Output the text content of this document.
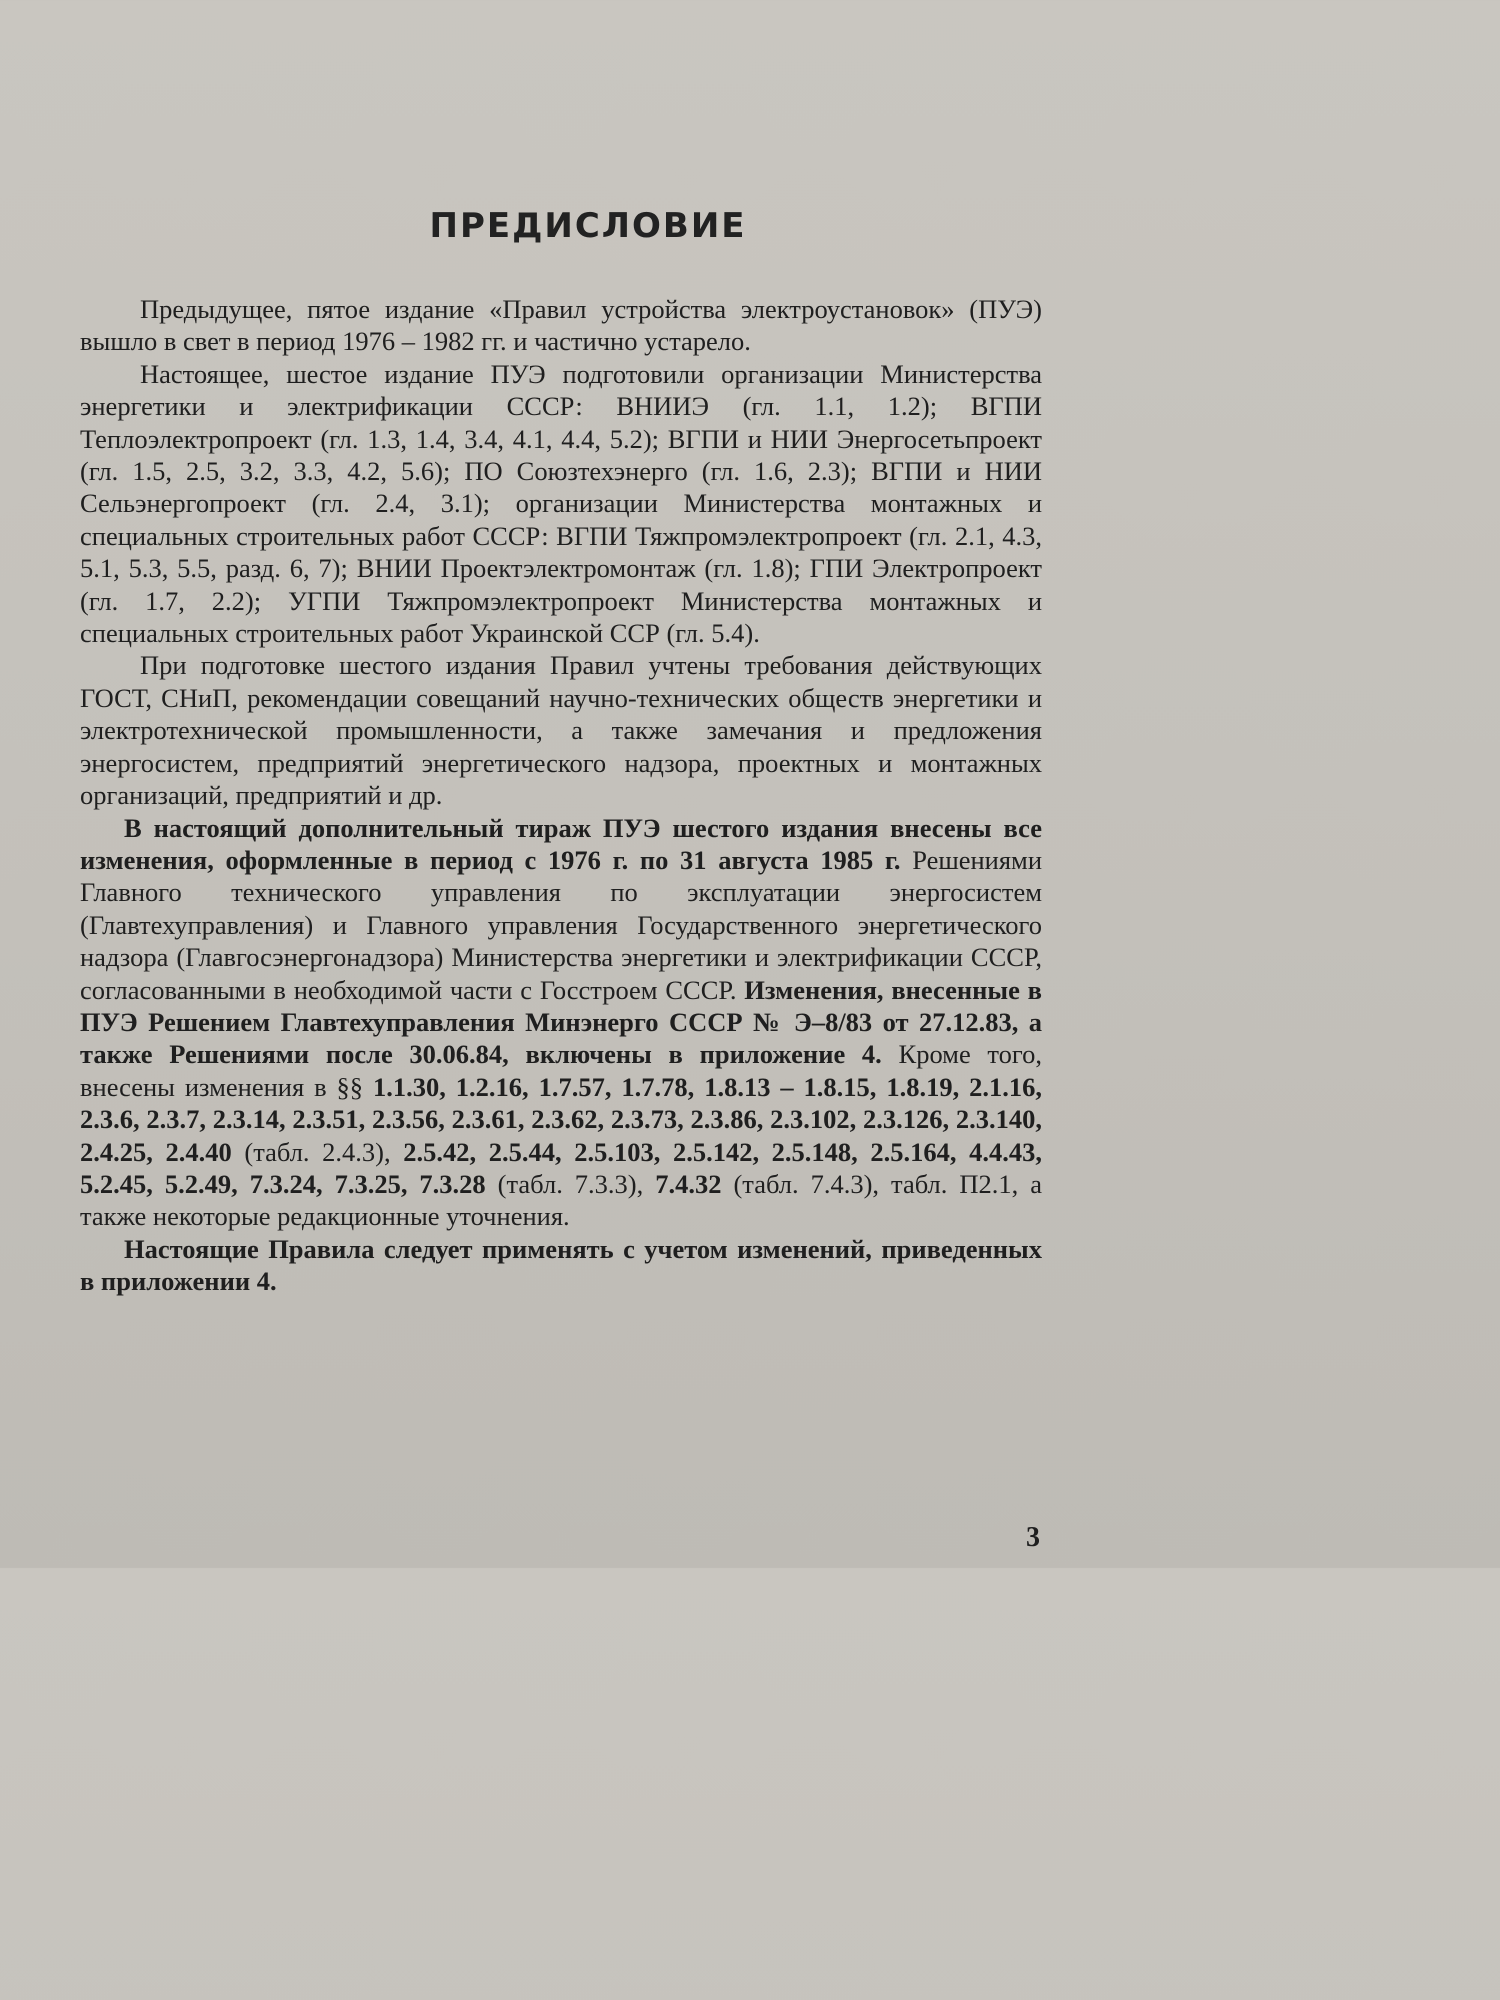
ПРЕДИСЛОВИЕ

Предыдущее, пятое издание «Правил устройства электроустановок» (ПУЭ) вышло в свет в период 1976 – 1982 гг. и частично устарело.

Настоящее, шестое издание ПУЭ подготовили организации Министерства энергетики и электрификации СССР: ВНИИЭ (гл. 1.1, 1.2); ВГПИ Теплоэлектропроект (гл. 1.3, 1.4, 3.4, 4.1, 4.4, 5.2); ВГПИ и НИИ Энергосетьпроект (гл. 1.5, 2.5, 3.2, 3.3, 4.2, 5.6); ПО Союзтехэнерго (гл. 1.6, 2.3); ВГПИ и НИИ Сельэнергопроект (гл. 2.4, 3.1); организации Министерства монтажных и специальных строительных работ СССР: ВГПИ Тяжпромэлектропроект (гл. 2.1, 4.3, 5.1, 5.3, 5.5, разд. 6, 7); ВНИИ Проектэлектромонтаж (гл. 1.8); ГПИ Электропроект (гл. 1.7, 2.2); УГПИ Тяжпромэлектропроект Министерства монтажных и специальных строительных работ Украинской ССР (гл. 5.4).

При подготовке шестого издания Правил учтены требования действующих ГОСТ, СНиП, рекомендации совещаний научно-технических обществ энергетики и электротехнической промышленности, а также замечания и предложения энергосистем, предприятий энергетического надзора, проектных и монтажных организаций, предприятий и др.

В настоящий дополнительный тираж ПУЭ шестого издания внесены все изменения, оформленные в период с 1976 г. по 31 августа 1985 г. Решениями Главного технического управления по эксплуатации энергосистем (Главтехуправления) и Главного управления Государственного энергетического надзора (Главгосэнергонадзора) Министерства энергетики и электрификации СССР, согласованными в необходимой части с Госстроем СССР. Изменения, внесенные в ПУЭ Решением Главтехуправления Минэнерго СССР № Э–8/83 от 27.12.83, а также Решениями после 30.06.84, включены в приложение 4. Кроме того, внесены изменения в §§ 1.1.30, 1.2.16, 1.7.57, 1.7.78, 1.8.13 – 1.8.15, 1.8.19, 2.1.16, 2.3.6, 2.3.7, 2.3.14, 2.3.51, 2.3.56, 2.3.61, 2.3.62, 2.3.73, 2.3.86, 2.3.102, 2.3.126, 2.3.140, 2.4.25, 2.4.40 (табл. 2.4.3), 2.5.42, 2.5.44, 2.5.103, 2.5.142, 2.5.148, 2.5.164, 4.4.43, 5.2.45, 5.2.49, 7.3.24, 7.3.25, 7.3.28 (табл. 7.3.3), 7.4.32 (табл. 7.4.3), табл. П2.1, а также некоторые редакционные уточнения.

Настоящие Правила следует применять с учетом изменений, приведенных в приложении 4.

3
